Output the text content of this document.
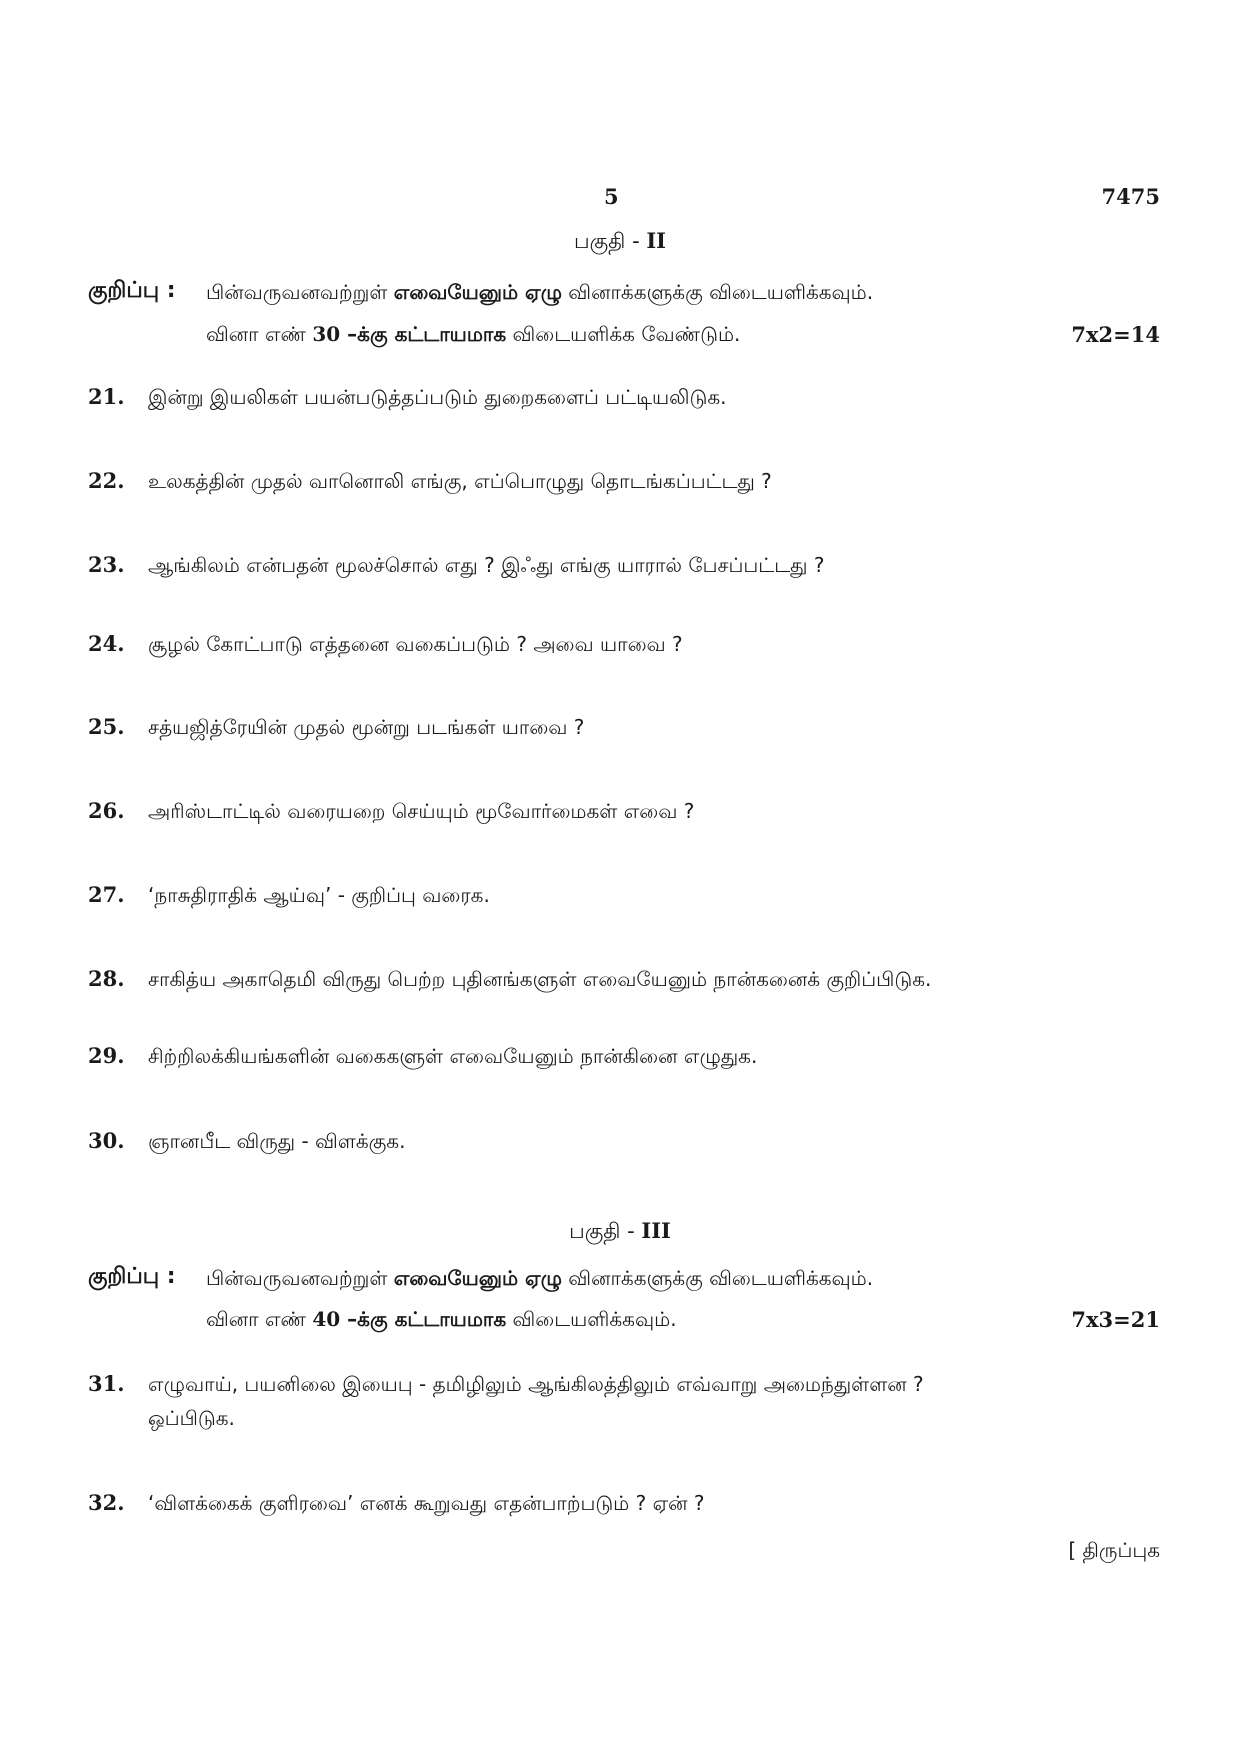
5	7475
பகுதி - II
குறிப்பு : பின்வருவனவற்றுள் எவையேனும் ஏழு வினாக்களுக்கு விடையளிக்கவும்.
வினா எண் 30 –க்கு கட்டாயமாக விடையளிக்க வேண்டும்.	7x2=14
21.	இன்று இயலிகள் பயன்படுத்தப்படும் துறைகளைப் பட்டியலிடுக.
22.	உலகத்தின் முதல் வானொலி எங்கு, எப்பொழுது தொடங்கப்பட்டது ?
23.	ஆங்கிலம் என்பதன் மூலச்சொல் எது ? இஃது எங்கு யாரால் பேசப்பட்டது ?
24.	சூழல் கோட்பாடு எத்தனை வகைப்படும் ? அவை யாவை ?
25.	சத்யஜித்ரேயின் முதல் மூன்று படங்கள் யாவை ?
26.	அரிஸ்டாட்டில் வரையறை செய்யும் மூவோர்மைகள் எவை ?
27.	‘நாசுதிராதிக் ஆய்வு’ - குறிப்பு வரைக.
28.	சாகித்ய அகாதெமி விருது பெற்ற புதினங்களுள் எவையேனும் நான்கனைக் குறிப்பிடுக.
29.	சிற்றிலக்கியங்களின் வகைகளுள் எவையேனும் நான்கினை எழுதுக.
30.	ஞானபீட விருது - விளக்குக.
பகுதி - III
குறிப்பு : பின்வருவனவற்றுள் எவையேனும் ஏழு வினாக்களுக்கு விடையளிக்கவும்.
வினா எண் 40 –க்கு கட்டாயமாக விடையளிக்கவும்.	7x3=21
31.	எழுவாய், பயனிலை இயைபு - தமிழிலும் ஆங்கிலத்திலும் எவ்வாறு அமைந்துள்ளன ?
ஒப்பிடுக.
32.	‘விளக்கைக் குளிரவை’ எனக் கூறுவது எதன்பாற்படும் ? ஏன் ?
[ திருப்புக
